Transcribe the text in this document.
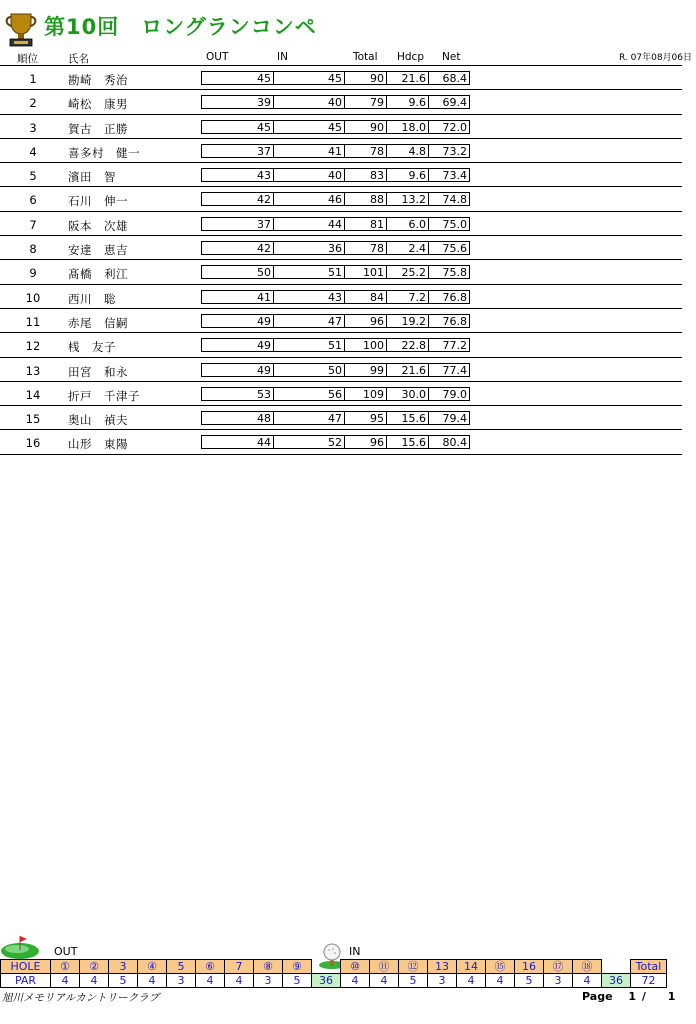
第10回　ロングランコンペ
順位	氏名	OUT	IN	Total Hdcp Net	R. 07年08月06日
1	勘崎　秀治	45	45	90	21.6	68.4
2	崎松　康男	39	40	79	9.6	69.4
3	賀古　正勝	45	45	90	18.0	72.0
4	喜多村　健一	37	41	78	4.8	73.2
5	濱田　智	43	40	83	9.6	73.4
6	石川　伸一	42	46	88	13.2	74.8
7	阪本　次雄	37	44	81	6.0	75.0
8	安達　恵吉	42	36	78	2.4	75.6
9	髙橋　利江	50	51	101	25.2	75.8
10	西川　聡	41	43	84	7.2	76.8
11	赤尾　信嗣	49	47	96	19.2	76.8
12	桟　友子	49	51	100	22.8	77.2
13	田宮　和永	49	50	99	21.6	77.4
14	折戸　千津子	53	56	109	30.0	79.0
15	奥山　禎夫	48	47	95	15.6	79.4
16	山形　東陽	44	52	96	15.6	80.4
OUT	IN
HOLE	①	②	3	④	5	⑥	7	⑧	⑨		⑩	⑪	⑫	13	14	⑮	16	⑰	⑱		Total
PAR	4	4	5	4	3	4	4	3	5	36	4	4	5	3	4	4	5	3	4	36	72
旭川メモリアルカントリークラブ	Page 1 / 1
